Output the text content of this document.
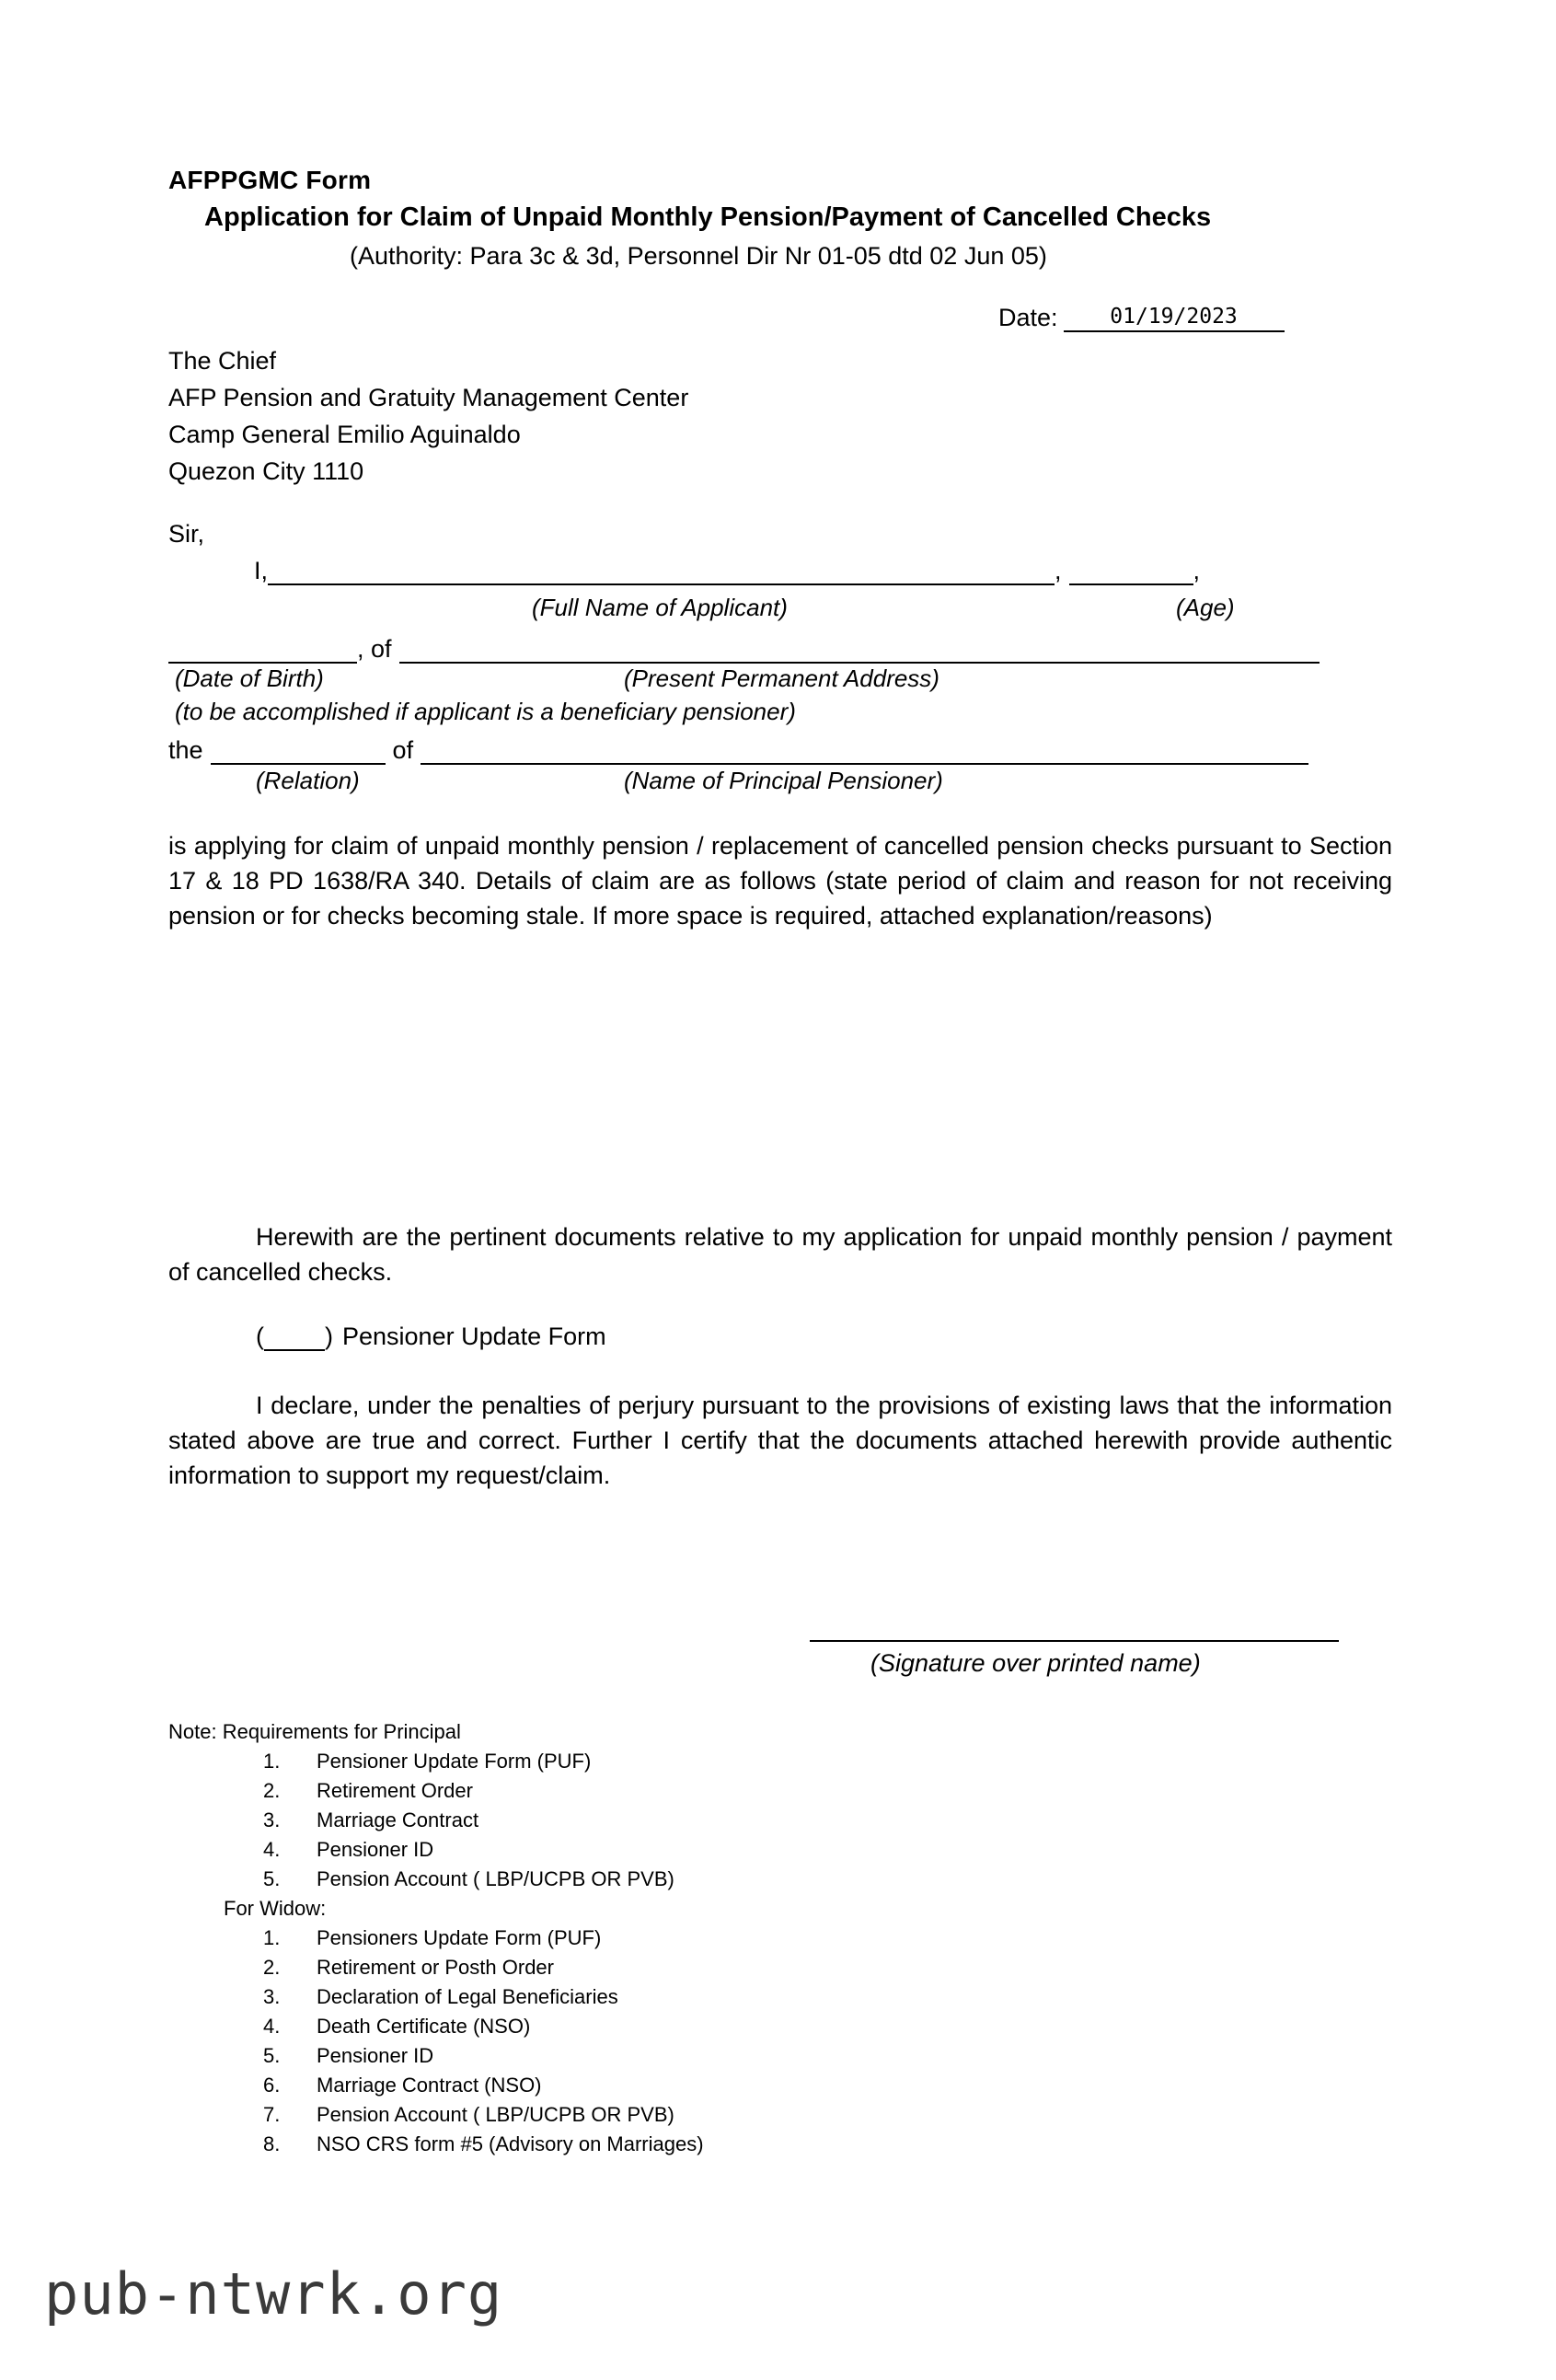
AFPPGMC Form
Application for Claim of Unpaid Monthly Pension/Payment of Cancelled Checks
(Authority: Para 3c & 3d, Personnel Dir Nr 01-05 dtd 02 Jun 05)
Date:	01/19/2023
The Chief
AFP Pension and Gratuity Management Center
Camp General Emilio Aguinaldo
Quezon City 1110
Sir,
I,	,	,
(Full Name of Applicant)	(Age)
, of
(Date of Birth)	(Present Permanent Address)
(to be accomplished if applicant is a beneficiary pensioner)
the	of
(Relation)	(Name of Principal Pensioner)
is applying for claim of unpaid monthly pension / replacement of cancelled pension checks pursuant to Section 17 & 18 PD 1638/RA 340. Details of claim are as follows (state period of claim and reason for not receiving pension or for checks becoming stale. If more space is required, attached explanation/reasons)
Herewith are the pertinent documents relative to my application for unpaid monthly pension / payment of cancelled checks.
( ) Pensioner Update Form
I declare, under the penalties of perjury pursuant to the provisions of existing laws that the information stated above are true and correct. Further I certify that the documents attached herewith provide authentic information to support my request/claim.
(Signature over printed name)
Note: Requirements for Principal
1.	Pensioner Update Form (PUF)
2.	Retirement Order
3.	Marriage Contract
4.	Pensioner ID
5.	Pension Account ( LBP/UCPB OR PVB)
For Widow:
1.	Pensioners Update Form (PUF)
2.	Retirement or Posth Order
3.	Declaration of Legal Beneficiaries
4.	Death Certificate (NSO)
5.	Pensioner ID
6.	Marriage Contract (NSO)
7.	Pension Account ( LBP/UCPB OR PVB)
8.	NSO CRS form #5 (Advisory on Marriages)
pub-ntwrk.org
